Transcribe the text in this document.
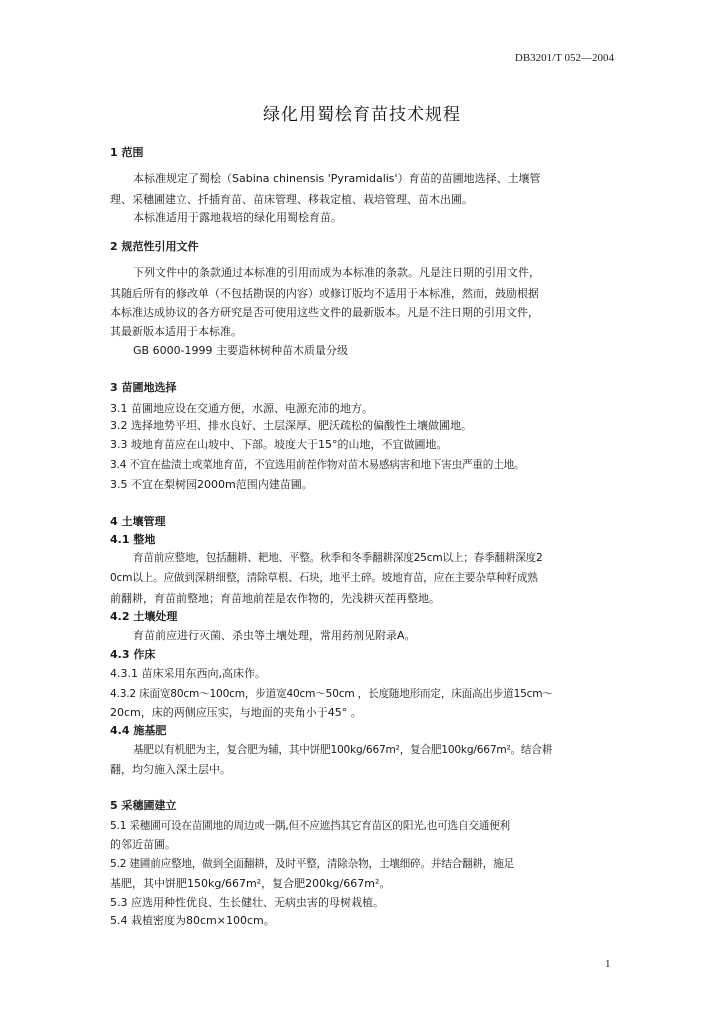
DB3201/T 052—2004
绿化用蜀桧育苗技术规程
1 范围
本标准规定了蜀桧（Sabina chinensis 'Pyramidalis'）育苗的苗圃地选择、土壤管
理、采穗圃建立、扦插育苗、苗床管理、移栽定植、栽培管理、苗木出圃。
本标准适用于露地栽培的绿化用蜀桧育苗。
2 规范性引用文件
下列文件中的条款通过本标准的引用而成为本标准的条款。凡是注日期的引用文件，
其随后所有的修改单（不包括勘误的内容）或修订版均不适用于本标准，然而，鼓励根据
本标准达成协议的各方研究是否可使用这些文件的最新版本。凡是不注日期的引用文件，
其最新版本适用于本标准。
GB 6000-1999 主要造林树种苗木质量分级
3 苗圃地选择
3.1 苗圃地应设在交通方便，水源、电源充沛的地方。
3.2 选择地势平坦、排水良好、土层深厚、肥沃疏松的偏酸性土壤做圃地。
3.3 坡地育苗应在山坡中、下部。坡度大于15°的山地，不宜做圃地。
3.4 不宜在盐渍土或菜地育苗，不宜选用前茬作物对苗木易感病害和地下害虫严重的土地。
3.5 不宜在梨树园2000m范围内建苗圃。
4 土壤管理
4.1 整地
育苗前应整地，包括翻耕、耙地、平整。秋季和冬季翻耕深度25cm以上；春季翻耕深度2
0cm以上。应做到深耕细整，清除草根、石块，地平土碎。坡地育苗，应在主要杂草种籽成熟
前翻耕，育苗前整地；育苗地前茬是农作物的，先浅耕灭茬再整地。
4.2 土壤处理
育苗前应进行灭菌、杀虫等土壤处理，常用药剂见附录A。
4.3 作床
4.3.1 苗床采用东西向,高床作。
4.3.2 床面宽80cm～100cm，步道宽40cm～50cm ，长度随地形而定，床面高出步道15cm～
20cm，床的两侧应压实，与地面的夹角小于45° 。
4.4 施基肥
基肥以有机肥为主，复合肥为辅，其中饼肥100kg/667m²，复合肥100kg/667m²。结合耕
翻，均匀施入深土层中。
5 采穗圃建立
5.1 采穗圃可设在苗圃地的周边或一隅,但不应遮挡其它育苗区的阳光,也可选自交通便利
的邻近苗圃。
5.2 建圃前应整地，做到全面翻耕，及时平整，清除杂物，土壤细碎。并结合翻耕，施足
基肥，其中饼肥150kg/667m²，复合肥200kg/667m²。
5.3 应选用种性优良、生长健壮、无病虫害的母树栽植。
5.4 栽植密度为80cm×100cm。
1
